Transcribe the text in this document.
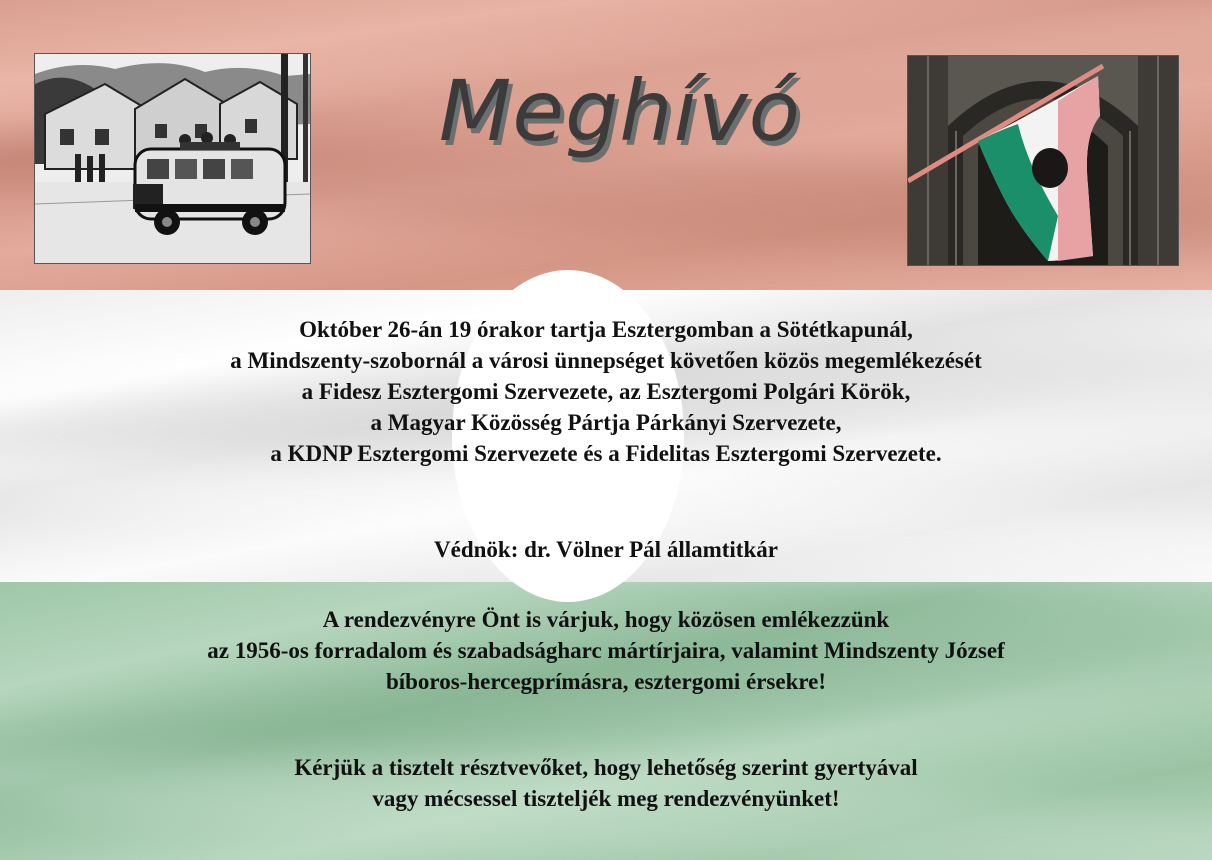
Meghívó

Október 26-án 19 órakor tartja Esztergomban a Sötétkapunál,

a Mindszenty-szobornál a városi ünnepséget követően közös megemlékezését

a Fidesz Esztergomi Szervezete, az Esztergomi Polgári Körök,

a Magyar Közösség Pártja Párkányi Szervezete,

a KDNP Esztergomi Szervezete és a Fidelitas Esztergomi Szervezete.

Védnök: dr. Völner Pál államtitkár

A rendezvényre Önt is várjuk, hogy közösen emlékezzünk

az 1956-os forradalom és szabadságharc mártírjaira, valamint Mindszenty József

bíboros-hercegprímásra, esztergomi érsekre!

Kérjük a tisztelt résztvevőket, hogy lehetőség szerint gyertyával

vagy mécsessel tiszteljék meg rendezvényünket!
